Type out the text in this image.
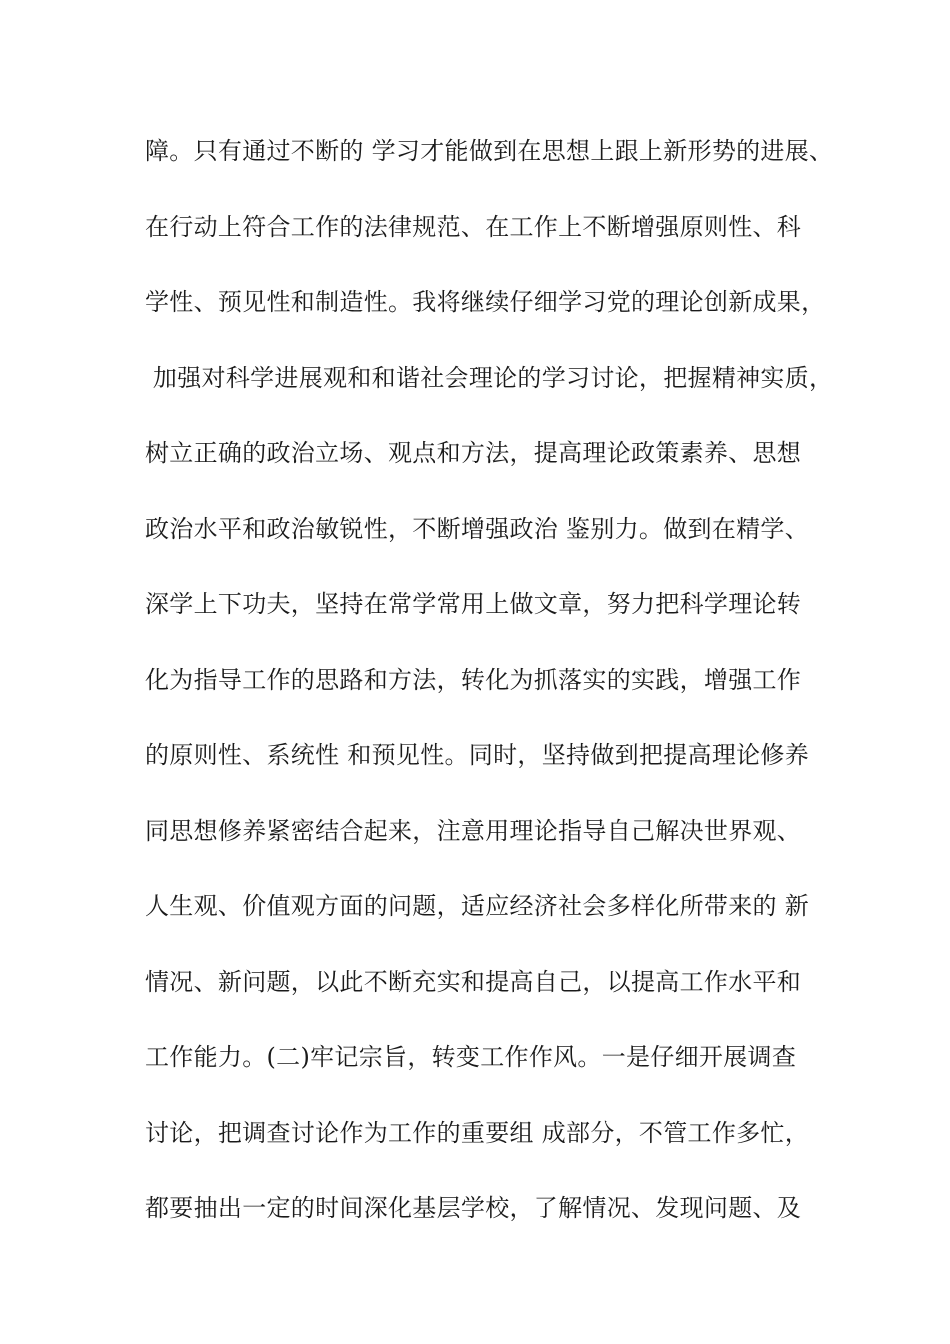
障。只有通过不断的 学习才能做到在思想上跟上新形势的进展、
在行动上符合工作的法律规范、在工作上不断增强原则性、科
学性、预见性和制造性。我将继续仔细学习党的理论创新成果，
加强对科学进展观和和谐社会理论的学习讨论，把握精神实质，
树立正确的政治立场、观点和方法，提高理论政策素养、思想
政治水平和政治敏锐性，不断增强政治 鉴别力。做到在精学、
深学上下功夫，坚持在常学常用上做文章，努力把科学理论转
化为指导工作的思路和方法，转化为抓落实的实践，增强工作
的原则性、系统性 和预见性。同时，坚持做到把提高理论修养
同思想修养紧密结合起来，注意用理论指导自己解决世界观、
人生观、价值观方面的问题，适应经济社会多样化所带来的 新
情况、新问题，以此不断充实和提高自己，以提高工作水平和
工作能力。(二)牢记宗旨，转变工作作风。一是仔细开展调查
讨论，把调查讨论作为工作的重要组 成部分，不管工作多忙，
都要抽出一定的时间深化基层学校，了解情况、发现问题、及
